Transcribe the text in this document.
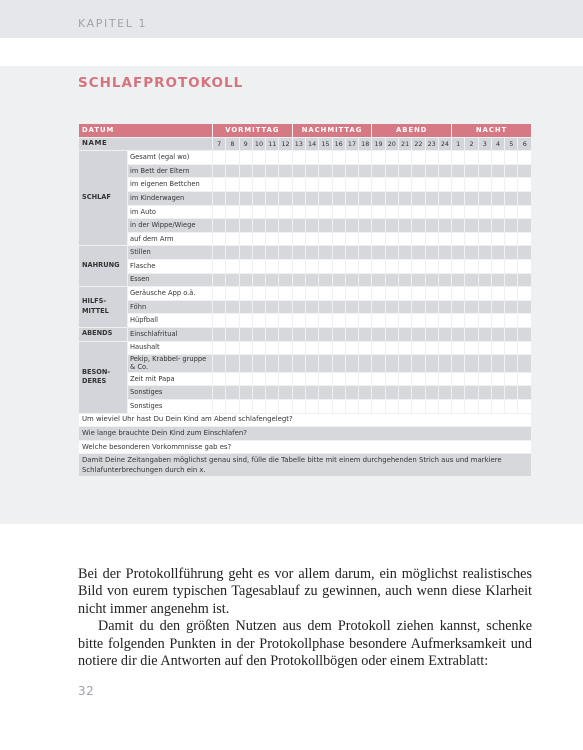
KAPITEL 1
SCHLAFPROTOKOLL
DATUM		VORMITTAG						NACHMITTAG						ABEND						NACHT					
NAME		7	8	9	10	11	12	13	14	15	16	17	18	19	20	21	22	23	24	1	2	3	4	5	6
SCHLAF	Gesamt (egal wo)																								
	im Bett der Eltern																								
	im eigenen Bettchen																								
	im Kinderwagen																								
	im Auto																								
	in der Wippe/Wiege																								
	auf dem Arm																								
NAHRUNG	Stillen																								
	Flasche																								
	Essen																								
HILFS- MITTEL	Geräusche App o.ä.																								
	Föhn																								
	Hüpfball																								
ABENDS	Einschlafritual																								
BESON- DERES	Haushalt																								
	Pekip, Krabbel- gruppe & Co.																								
	Zeit mit Papa																								
	Sonstiges																								
	Sonstiges																								
Um wieviel Uhr hast Du Dein Kind am Abend schlafengelegt?																									
Wie lange brauchte Dein Kind zum Einschlafen?																									
Welche besonderen Vorkommnisse gab es?																									
Damit Deine Zeitangaben möglichst genau sind, fülle die Tabelle bitte mit einem durchgehenden Strich aus und markiere Schlafunterbrechungen durch ein x.																									

Bei der Protokollführung geht es vor allem darum, ein möglichst realistisches Bild von eurem typischen Tagesablauf zu gewinnen, auch wenn diese Klarheit nicht immer angenehm ist.

Damit du den größten Nutzen aus dem Protokoll ziehen kannst, schenke bitte folgenden Punkten in der Protokollphase besondere Aufmerksamkeit und notiere dir die Antworten auf den Protokollbögen oder einem Extrablatt:

32
